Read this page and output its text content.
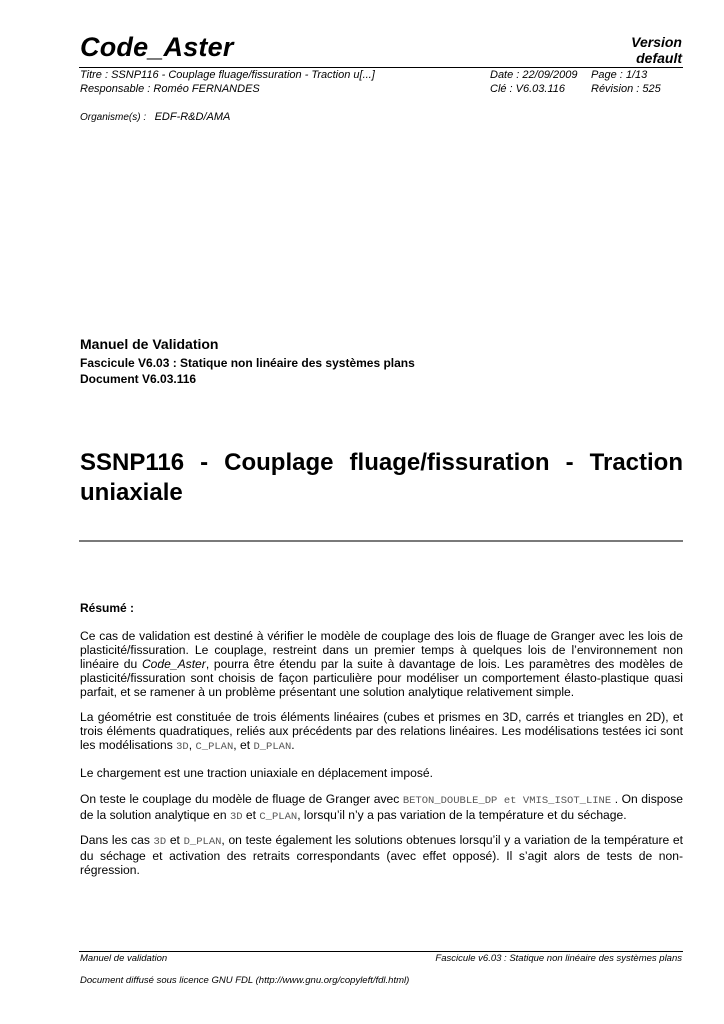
Code_Aster	Version
default
Titre : SSNP116 - Couplage fluage/fissuration - Traction u[...]
Responsable : Roméo FERNANDES
Date : 22/09/2009 Page : 1/13
Clé : V6.03.116 Révision : 525
Organisme(s) : EDF-R&D/AMA
Manuel de Validation
Fascicule V6.03 : Statique non linéaire des systèmes plans
Document V6.03.116
SSNP116 - Couplage fluage/fissuration - Traction uniaxiale
Résumé :
Ce cas de validation est destiné à vérifier le modèle de couplage des lois de fluage de Granger avec les lois de plasticité/fissuration. Le couplage, restreint dans un premier temps à quelques lois de l’environnement non linéaire du Code_Aster, pourra être étendu par la suite à davantage de lois. Les paramètres des modèles de plasticité/fissuration sont choisis de façon particulière pour modéliser un comportement élasto-plastique quasi parfait, et se ramener à un problème présentant une solution analytique relativement simple.
La géométrie est constituée de trois éléments linéaires (cubes et prismes en 3D, carrés et triangles en 2D), et trois éléments quadratiques, reliés aux précédents par des relations linéaires. Les modélisations testées ici sont les modélisations 3D, C_PLAN, et D_PLAN.
Le chargement est une traction uniaxiale en déplacement imposé.
On teste le couplage du modèle de fluage de Granger avec BETON_DOUBLE_DP et VMIS_ISOT_LINE . On dispose de la solution analytique en 3D et C_PLAN, lorsqu’il n’y a pas variation de la température et du séchage.
Dans les cas 3D et D_PLAN, on teste également les solutions obtenues lorsqu’il y a variation de la température et du séchage et activation des retraits correspondants (avec effet opposé). Il s’agit alors de tests de non-régression.
Manuel de validation	Fascicule v6.03 : Statique non linéaire des systèmes plans
Document diffusé sous licence GNU FDL (http://www.gnu.org/copyleft/fdl.html)
